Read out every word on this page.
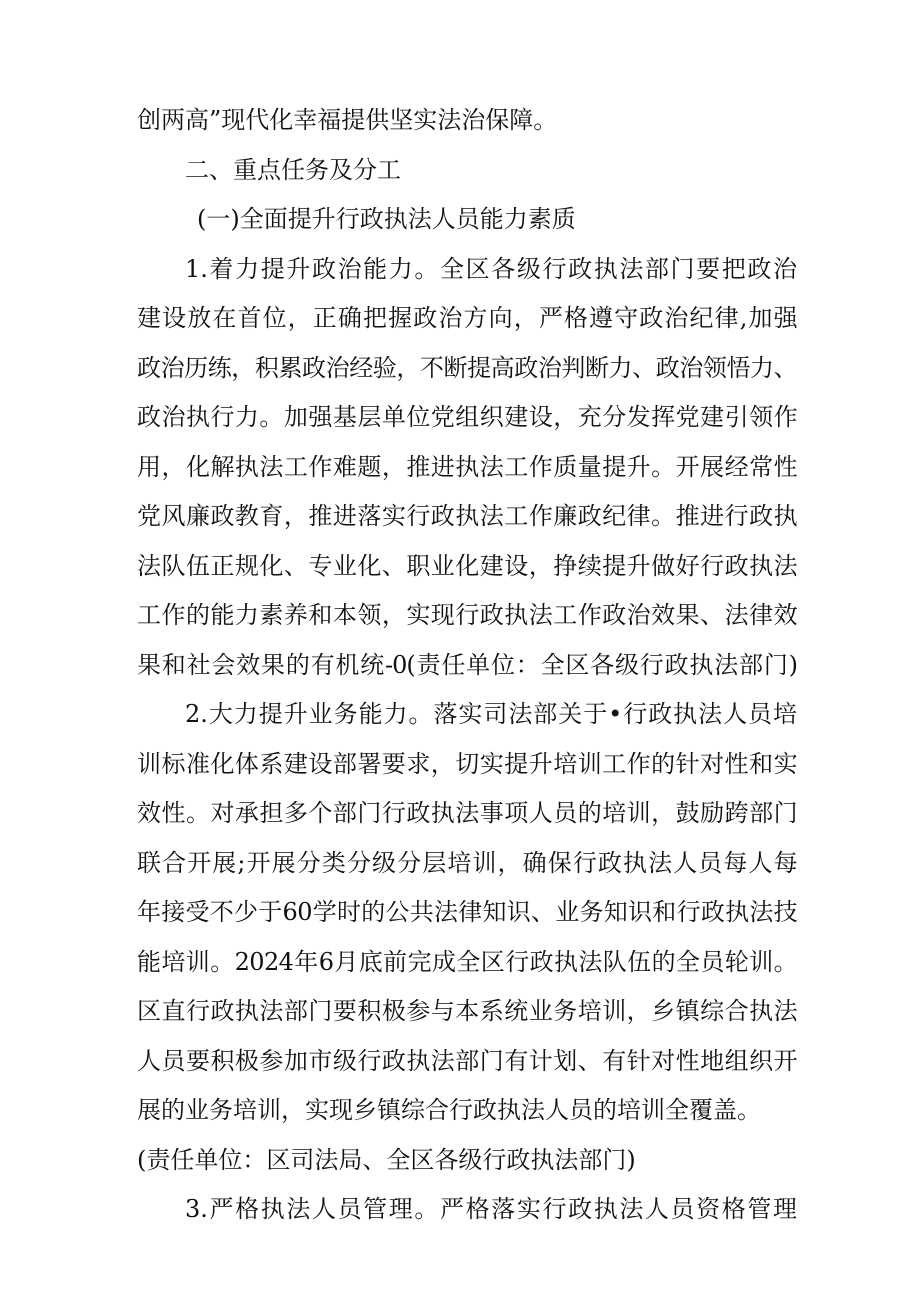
创两高”现代化幸福提供坚实法治保障。
二、重点任务及分工
(一)全面提升行政执法人员能力素质
1.着力提升政治能力。全区各级行政执法部门要把政治
建设放在首位，正确把握政治方向，严格遵守政治纪律,加强
政治历练，积累政治经验，不断提高政治判断力、政治领悟力、
政治执行力。加强基层单位党组织建设，充分发挥党建引领作
用，化解执法工作难题，推进执法工作质量提升。开展经常性
党风廉政教育，推进落实行政执法工作廉政纪律。推进行政执
法队伍正规化、专业化、职业化建设，挣续提升做好行政执法
工作的能力素养和本领，实现行政执法工作政治效果、法律效
果和社会效果的有机统-0(责任单位：全区各级行政执法部门)
2.大力提升业务能力。落实司法部关于•行政执法人员培
训标准化体系建设部署要求，切实提升培训工作的针对性和实
效性。对承担多个部门行政执法事项人员的培训，鼓励跨部门
联合开展;开展分类分级分层培训，确保行政执法人员每人每
年接受不少于60学时的公共法律知识、业务知识和行政执法技
能培训。2024年6月底前完成全区行政执法队伍的全员轮训。
区直行政执法部门要积极参与本系统业务培训，乡镇综合执法
人员要积极参加市级行政执法部门有计划、有针对性地组织开
展的业务培训，实现乡镇综合行政执法人员的培训全覆盖。
(责任单位：区司法局、全区各级行政执法部门)
3.严格执法人员管理。严格落实行政执法人员资格管理
